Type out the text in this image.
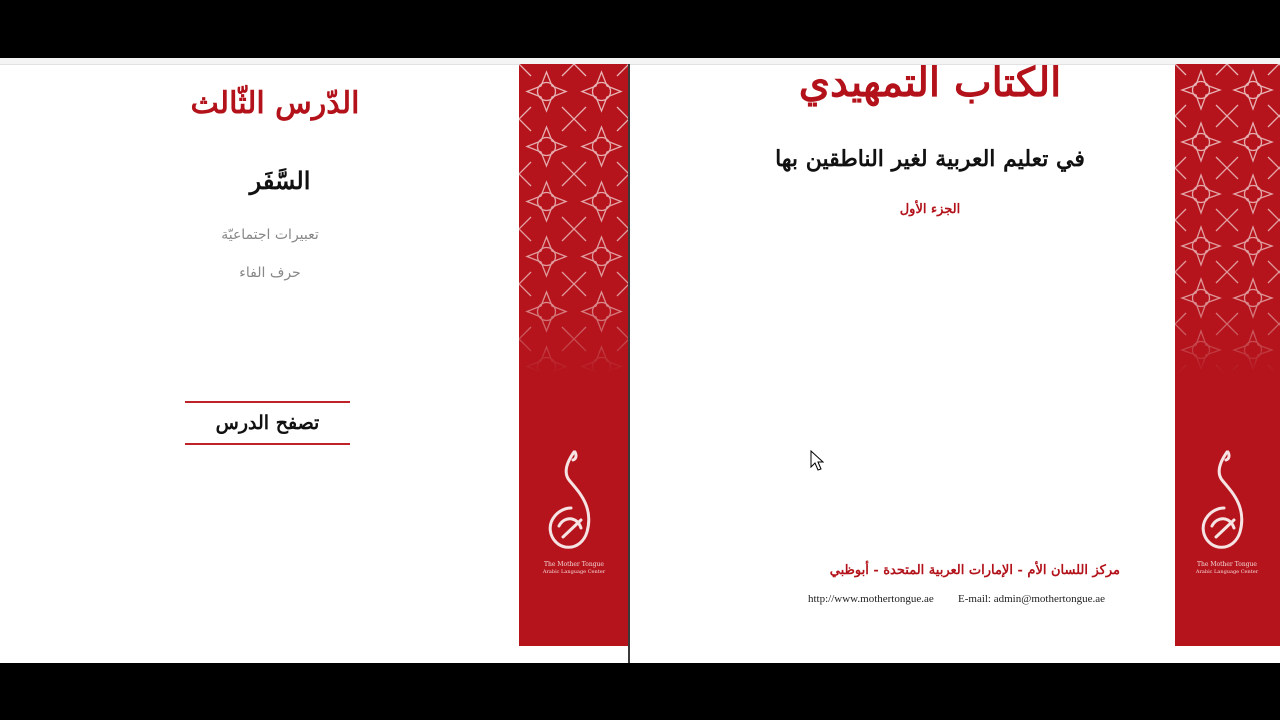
الدّرس الثّالث
السَّفَر
تعبيرات اجتماعيّة
حرف الفاء
تصفح الدرس
The Mother Tongue
Arabic Language Center
الكتاب التمهيدي
في تعليم العربية لغير الناطقين بها
الجزء الأول
مركز اللسان الأم - الإمارات العربية المتحدة - أبوظبي
http://www.mothertongue.ae E-mail: admin@mothertongue.ae
The Mother Tongue
Arabic Language Center
